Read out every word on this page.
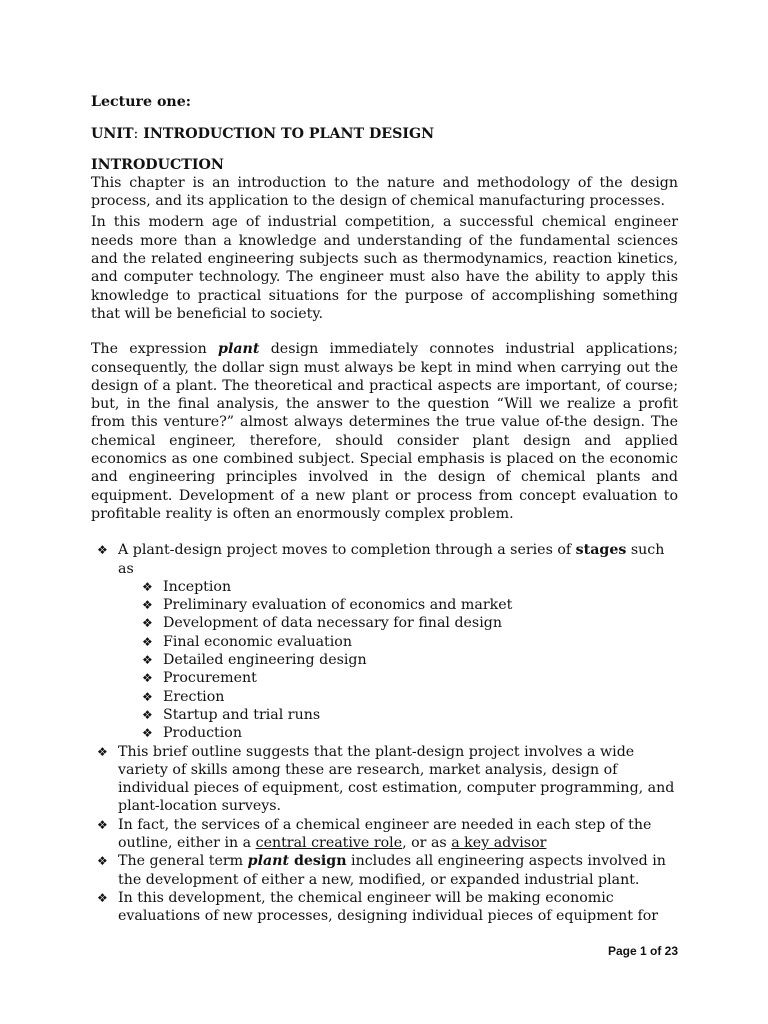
Lecture one:
UNIT: INTRODUCTION TO PLANT DESIGN
INTRODUCTION

This chapter is an introduction to the nature and methodology of the design process, and its application to the design of chemical manufacturing processes.

In this modern age of industrial competition, a successful chemical engineer needs more than a knowledge and understanding of the fundamental sciences and the related engineering subjects such as thermodynamics, reaction kinetics, and computer technology. The engineer must also have the ability to apply this knowledge to practical situations for the purpose of accomplishing something that will be beneficial to society.

The expression plant design immediately connotes industrial applications; consequently, the dollar sign must always be kept in mind when carrying out the design of a plant. The theoretical and practical aspects are important, of course; but, in the final analysis, the answer to the question “Will we realize a profit from this venture?” almost always determines the true value of-the design. The chemical engineer, therefore, should consider plant design and applied economics as one combined subject. Special emphasis is placed on the economic and engineering principles involved in the design of chemical plants and equipment. Development of a new plant or process from concept evaluation to profitable reality is often an enormously complex problem.

❖ A plant-design project moves to completion through a series of stages such as
❖ Inception
❖ Preliminary evaluation of economics and market
❖ Development of data necessary for final design
❖ Final economic evaluation
❖ Detailed engineering design
❖ Procurement
❖ Erection
❖ Startup and trial runs
❖ Production
❖ This brief outline suggests that the plant-design project involves a wide variety of skills among these are research, market analysis, design of individual pieces of equipment, cost estimation, computer programming, and plant-location surveys.
❖ In fact, the services of a chemical engineer are needed in each step of the outline, either in a central creative role, or as a key advisor
❖ The general term plant design includes all engineering aspects involved in the development of either a new, modified, or expanded industrial plant.
❖ In this development, the chemical engineer will be making economic evaluations of new processes, designing individual pieces of equipment for
Page 1 of 23
